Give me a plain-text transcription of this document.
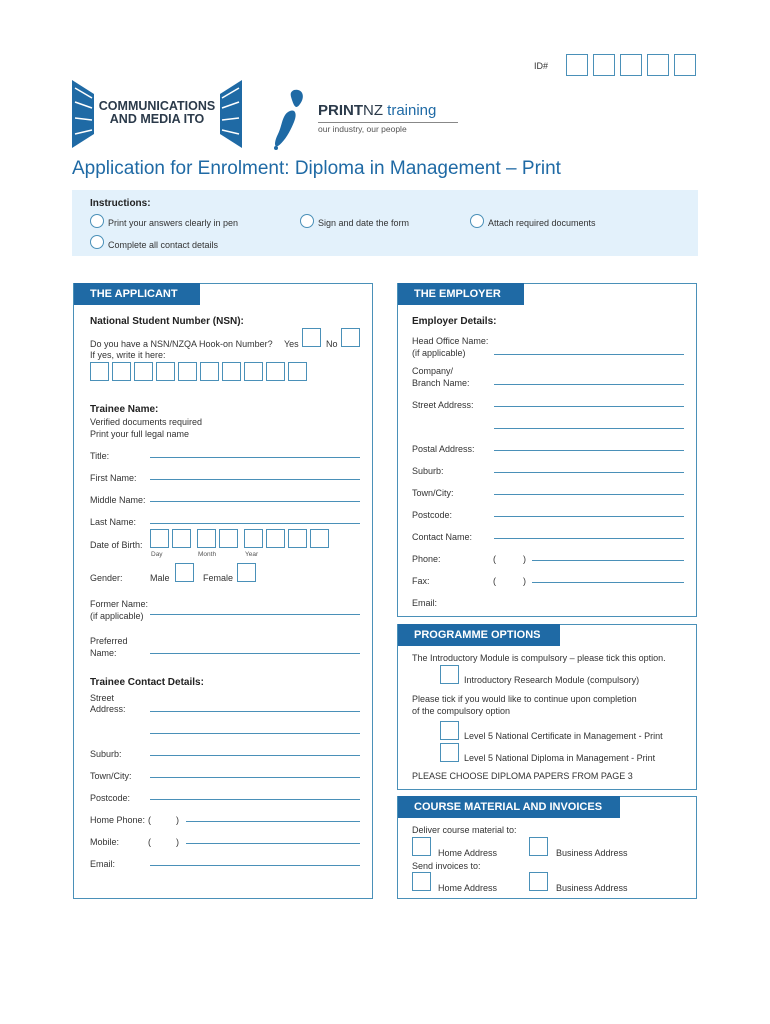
ID#
COMMUNICATIONS
AND MEDIA ITO	PRINTNZ training
our industry, our people
Application for Enrolment: Diploma in Management – Print
Instructions:
Print your answers clearly in pen	Sign and date the form	Attach required documents
Complete all contact details
THE APPLICANT
National Student Number (NSN):
Do you have a NSN/NZQA Hook-on Number?
If yes, write it here:
Yes	No
Trainee Name:
Verified documents required
Print your full legal name
Title:
First Name:
Middle Name:
Last Name:
Date of Birth:
Day	Month	Year
Gender:	Male	Female
Former Name:
(if applicable)
Preferred
Name:
Trainee Contact Details:
Street
Address:
Suburb:
Town/City:
Postcode:
Home Phone: (	)
Mobile:	(	)
Email:
THE EMPLOYER
Employer Details:
Head Office Name:
(if applicable)
Company/
Branch Name:
Street Address:
Postal Address:
Suburb:
Town/City:
Postcode:
Contact Name:
Phone:	(	)
Fax:	(	)
Email:
PROGRAMME OPTIONS
The Introductory Module is compulsory – please tick this option.
Introductory Research Module (compulsory)
Please tick if you would like to continue upon completion
of the compulsory option
Level 5 National Certificate in Management - Print
Level 5 National Diploma in Management - Print
PLEASE CHOOSE DIPLOMA PAPERS FROM PAGE 3
COURSE MATERIAL AND INVOICES
Deliver course material to:
Home Address	Business Address
Send invoices to:
Home Address	Business Address
